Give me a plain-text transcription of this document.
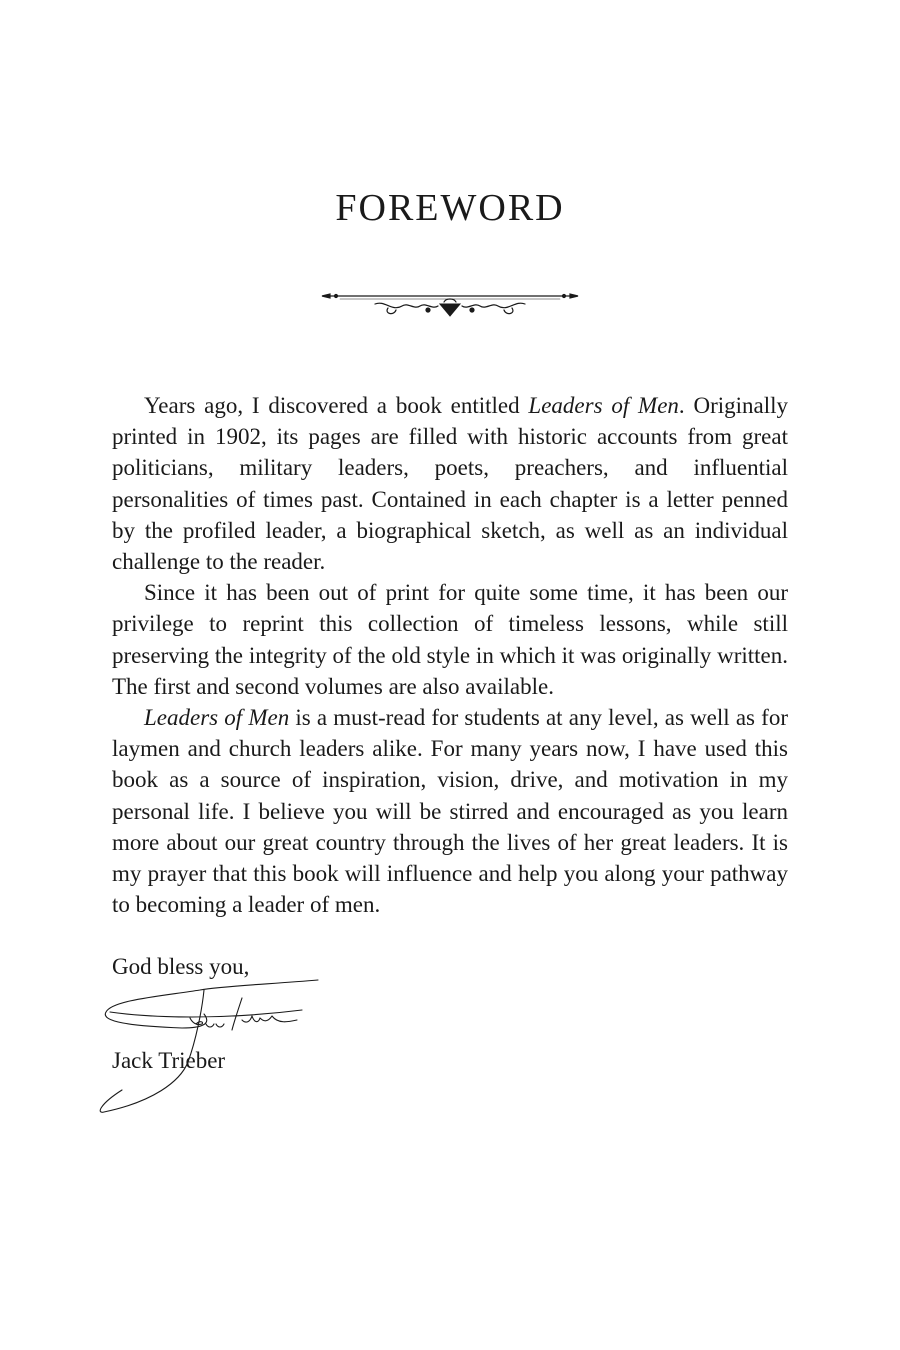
FOREWORD

Years ago, I discovered a book entitled Leaders of Men. Originally printed in 1902, its pages are filled with historic accounts from great politicians, military leaders, poets, preachers, and influential personalities of times past. Contained in each chapter is a letter penned by the profiled leader, a biographical sketch, as well as an individual challenge to the reader.

Since it has been out of print for quite some time, it has been our privilege to reprint this collection of timeless lessons, while still preserving the integrity of the old style in which it was originally written. The first and second volumes are also available.

Leaders of Men is a must-read for students at any level, as well as for laymen and church leaders alike. For many years now, I have used this book as a source of inspiration, vision, drive, and motivation in my personal life. I believe you will be stirred and encouraged as you learn more about our great country through the lives of her great leaders. It is my prayer that this book will influence and help you along your pathway to becoming a leader of men.

God bless you,

Jack Trieber
